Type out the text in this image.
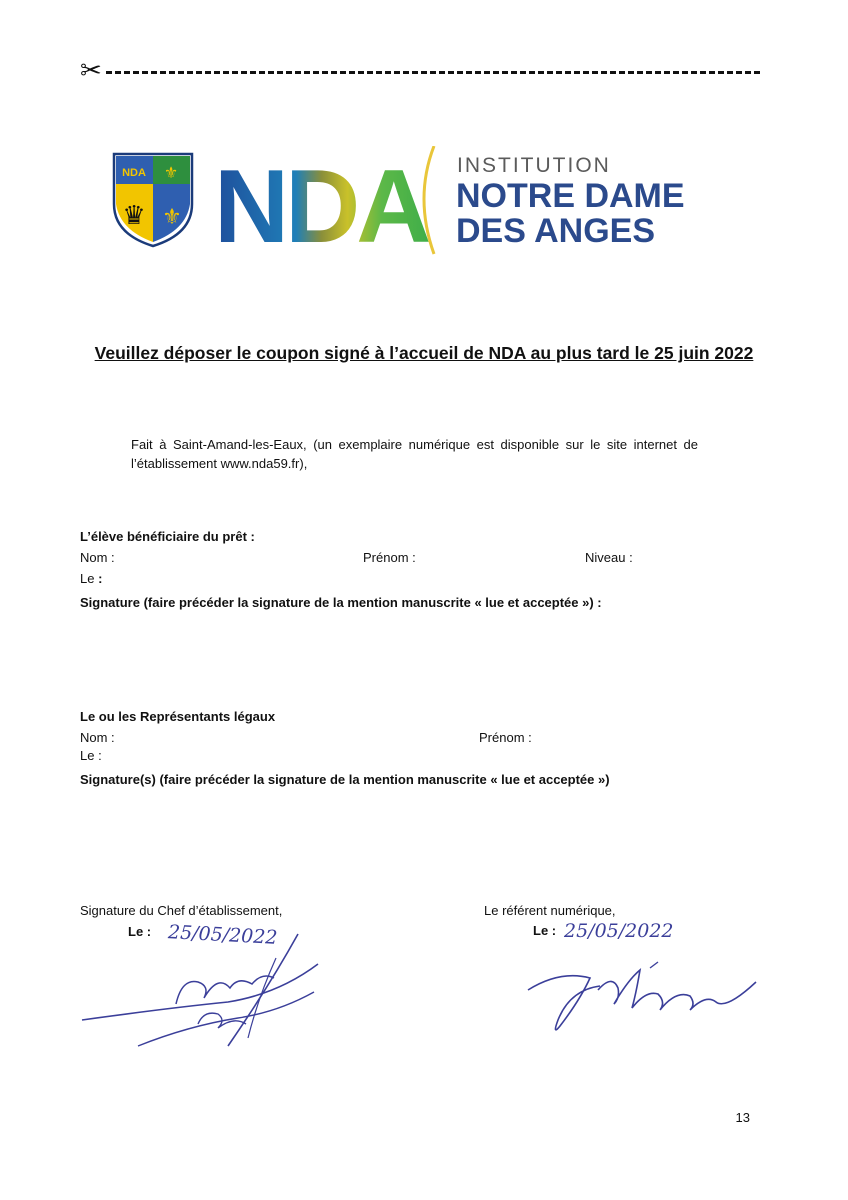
✂
NDA ⚜
♛ ⚜ NDA INSTITUTION
NOTRE DAME
DES ANGES
Veuillez déposer le coupon signé à l’accueil de NDA au plus tard le 25 juin 2022
Fait à Saint-Amand-les-Eaux, (un exemplaire numérique est disponible sur le site internet de l’établissement www.nda59.fr),
L’élève bénéficiaire du prêt :
Nom :	Prénom :	Niveau :
Le :
Signature (faire précéder la signature de la mention manuscrite « lue et acceptée ») :
Le ou les Représentants légaux
Nom :	Prénom :
Le :
Signature(s) (faire précéder la signature de la mention manuscrite « lue et acceptée »)
Signature du Chef d’établissement,	Le référent numérique,
Le : 25/05/2022	Le : 25/05/2022
13
